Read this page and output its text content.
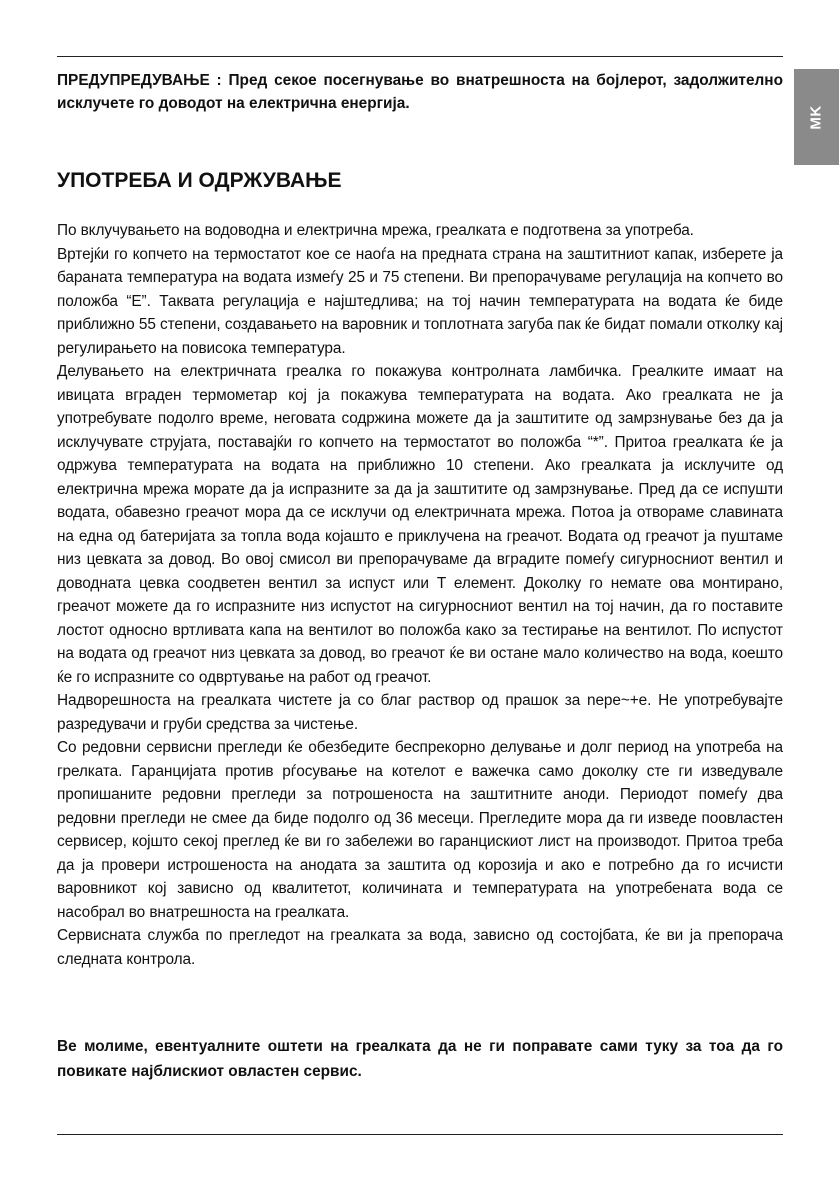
MK

ПРЕДУПРЕДУВАЊЕ : Пред секое посегнување во внатрешноста на бојлерот, задолжително исклучете го доводот на електрична енергија.

УПОТРЕБА И ОДРЖУВАЊЕ

По вклучувањето на водоводна и електрична мрежа, греалката е подготвена за употреба.

Вртејќи го копчето на термостатот кое се наоѓа на предната страна на заштитниот капак, изберете ја бараната температура на водата измеѓу 25 и 75 степени. Ви препорачуваме регулација на копчето во положба “E”. Таквата регулација е најштедлива; на тој начин температурата на водата ќе биде приближно 55 степени, создавањето на варовник и топлотната загуба пак ќе бидат помали отколку кај регулирањето на повисока температура.

Делувањето на електричната греалка го покажува контролната ламбичка. Греалките имаат на ивицата вграден термометар кој ја покажува температурата на водата. Ако греалката не ја употребувате подолго време, неговата содржина можете да ја заштитите од замрзнување без да ја исклучувате струјата, поставајќи го копчето на термостатот во положба “*”. Притоа греалката ќе ја одржува температурата на водата на приближно 10 степени. Ако греалката ја исклучите од електрична мрежа морате да ја испразните за да ја заштитите од замрзнување. Пред да се испушти водата, обавезно греачот мора да се исклучи од електричната мрежа. Потоа ја отвораме славината на една од батеријата за топла вода којашто е приклучена на греачот. Водата од греачот ја пуштаме низ цевката за довод. Во овој смисол ви препорачуваме да вградите помеѓу сигурносниот вентил и доводната цевка соодветен вентил за испуст или T елемент. Доколку го немате ова монтирано, греачот можете да го испразните низ испустот на сигурносниот вентил на тој начин, да го поставите лостот односно вртливата капа на вентилот во положба како за тестирање на вентилот. По испустот на водата од греачот низ цевката за довод, во греачот ќе ви остане мало количество на вода, коешто ќе го испразните со одвртување на работ од греачот.

Надворешноста на греалката чистете ја со благ раствор од прашок за nepe~+e. Не употребувајте разредувачи и груби средства за чистење.

Со редовни сервисни прегледи ќе обезбедите беспрекорно делување и долг период на употреба на грелката. Гаранцијата против рѓосување на котелот е важечка само доколку сте ги изведувале пропишаните редовни прегледи за потрошеноста на заштитните аноди. Периодот помеѓу два редовни прегледи не смее да биде подолго од 36 месеци. Прегледите мора да ги изведе поовластен сервисер, којшто секој преглед ќе ви го забележи во гаранцискиот лист на производот. Притоа треба да ја провери истрошеноста на анодата за заштита од корозија и ако е потребно да го исчисти варовникот кој зависно од квалитетот, количината и температурата на употребената вода се насобрал во внатрешноста на греалката.

Сервисната служба по прегледот на греалката за вода, зависно од состојбата, ќе ви ја препорача следната контрола.

Ве молиме, евентуалните оштети на греалката да не ги поправате сами туку за тоа да го повикате најблискиот овластен сервис.
